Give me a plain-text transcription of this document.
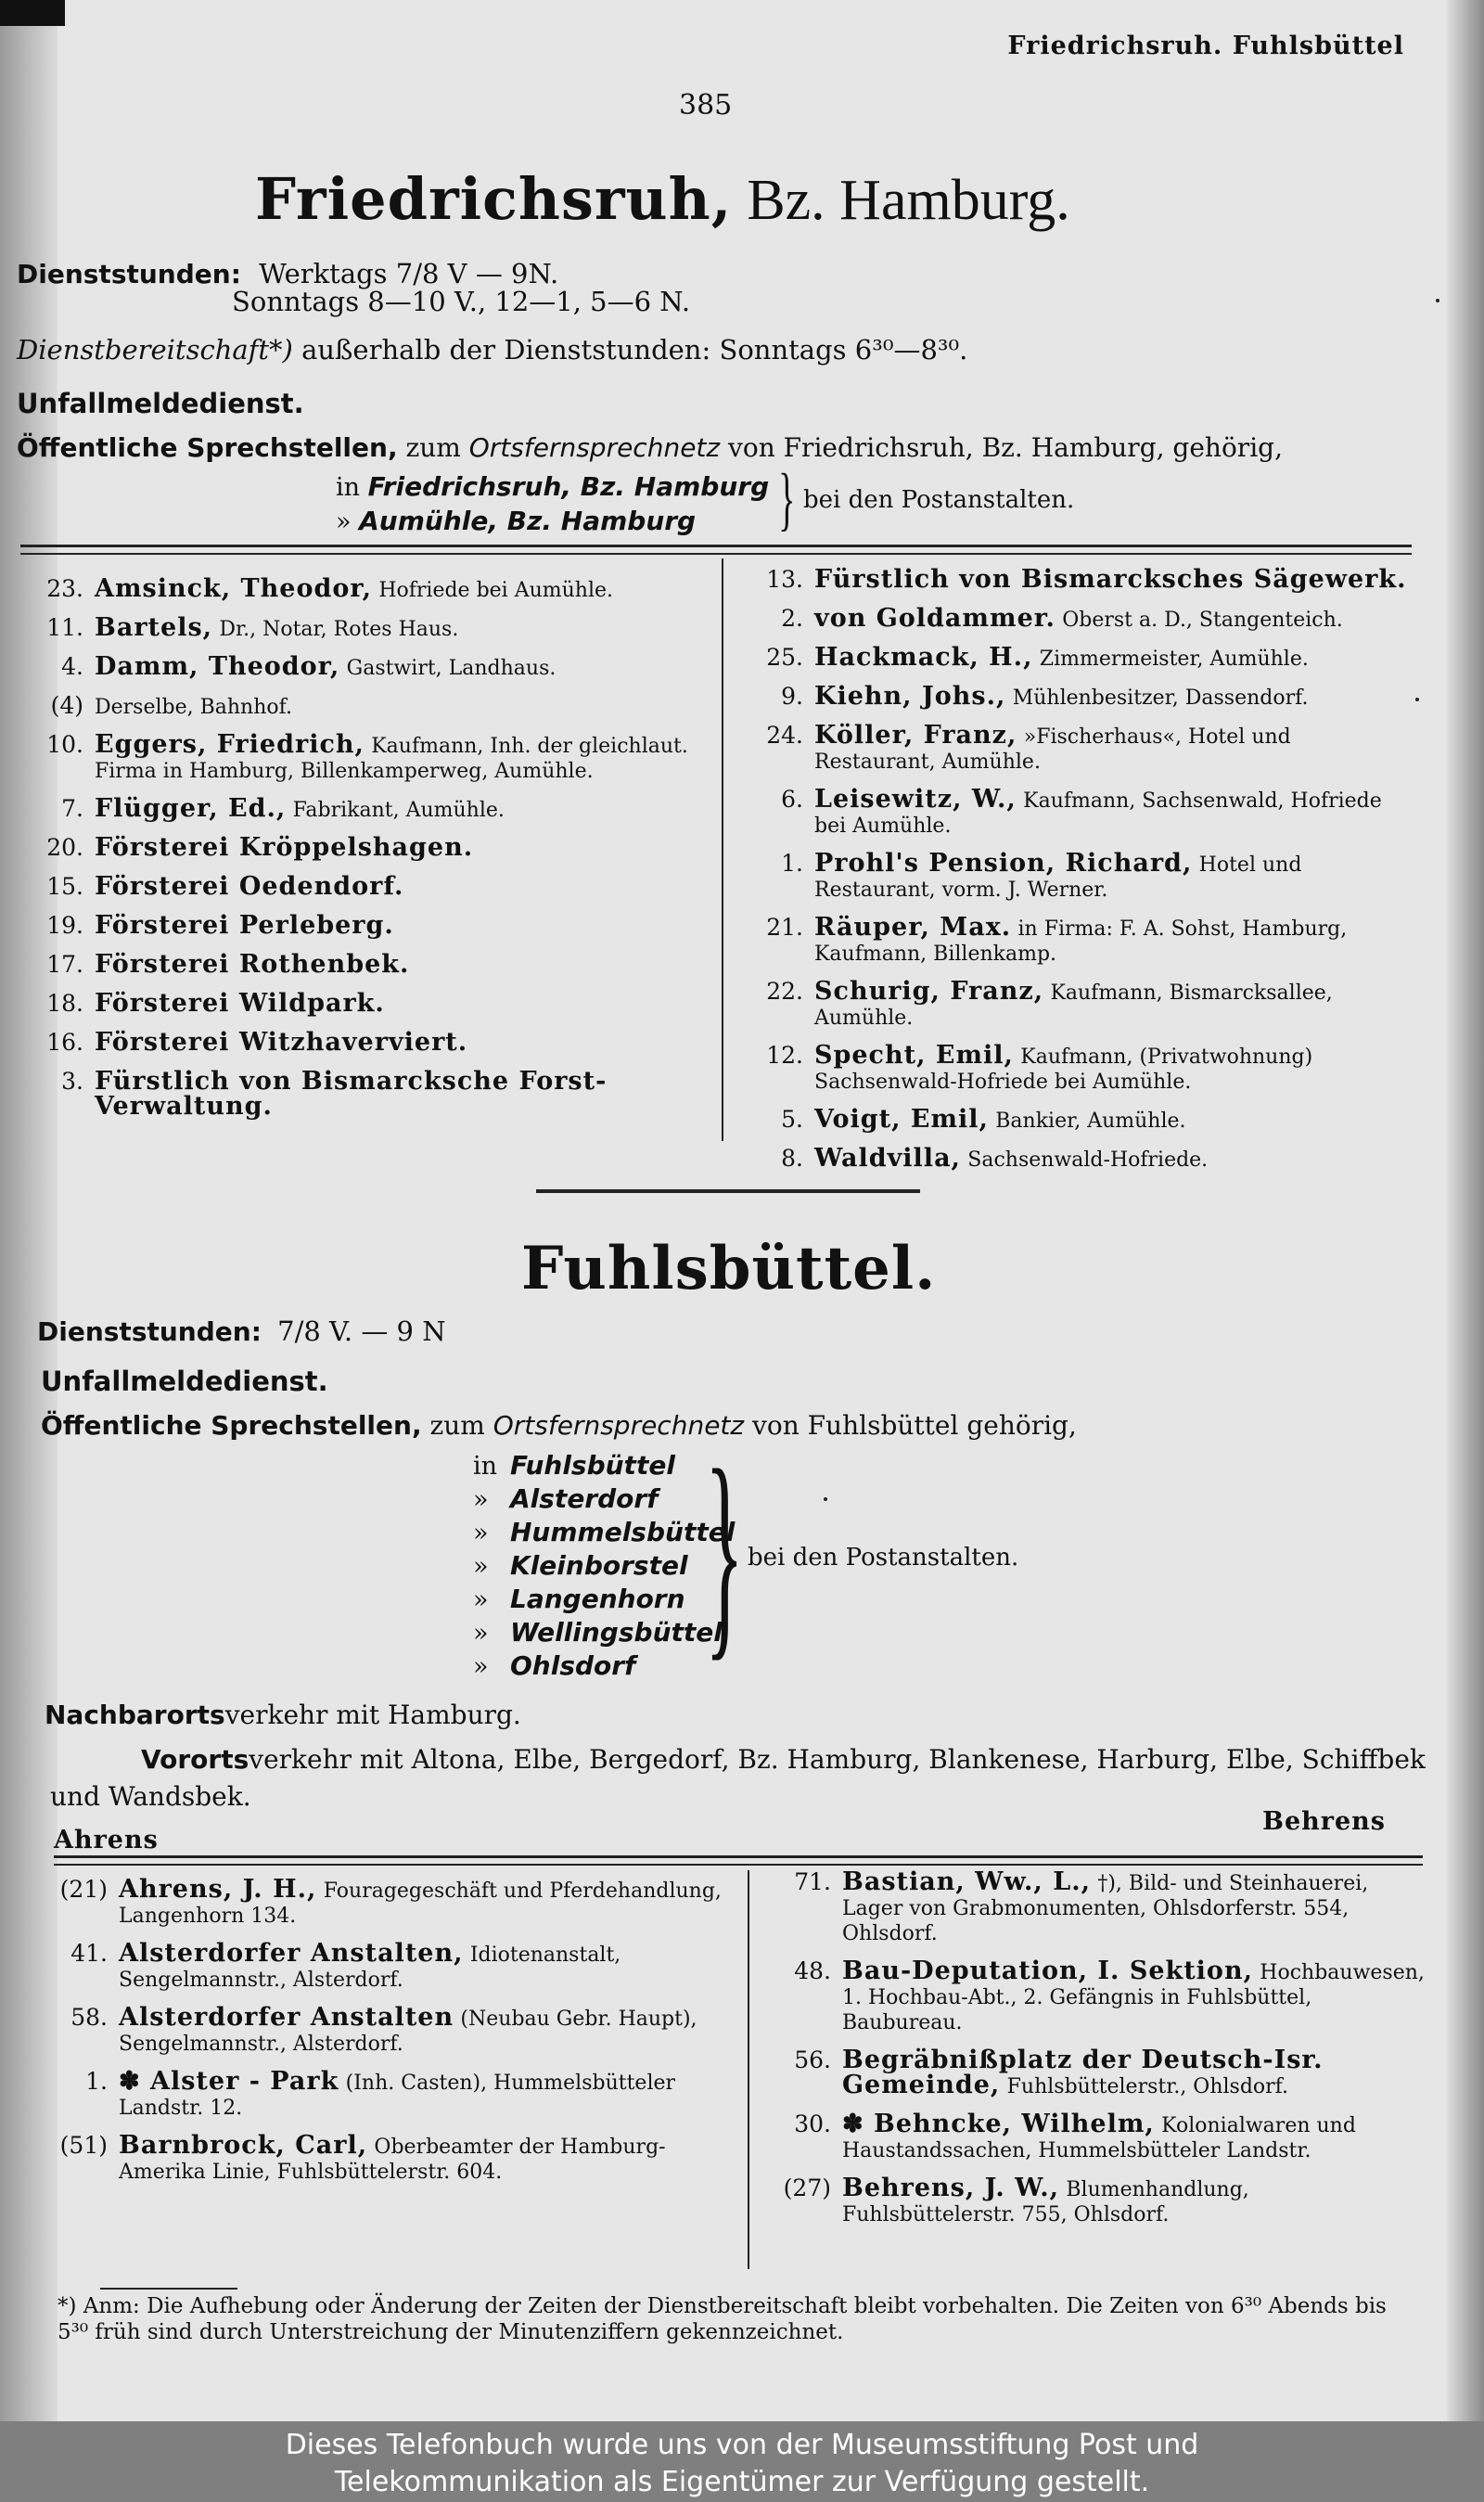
Friedrichsruh. Fuhlsbüttel
385
Friedrichsruh, Bz. Hamburg.
Dienststunden: Werktags 7/8 V — 9N.
Sonntags 8—10 V., 12—1, 5—6 N.
Dienstbereitschaft*) außerhalb der Dienststunden: Sonntags 6³⁰—8³⁰.
Unfallmeldedienst.
Öffentliche Sprechstellen, zum Ortsfernsprechnetz von Friedrichsruh, Bz. Hamburg, gehörig,
in Friedrichsruh, Bz. Hamburg
» Aumühle, Bz. Hamburg } bei den Postanstalten.
23. Amsinck, Theodor, Hofriede bei Aumühle.
11. Bartels, Dr., Notar, Rotes Haus.
4. Damm, Theodor, Gastwirt, Landhaus.
(4) Derselbe, Bahnhof.
10. Eggers, Friedrich, Kaufmann, Inh. der gleichlaut. Firma in Hamburg, Billenkamperweg, Aumühle.
7. Flügger, Ed., Fabrikant, Aumühle.
20. Försterei Kröppelshagen.
15. Försterei Oedendorf.
19. Försterei Perleberg.
17. Försterei Rothenbek.
18. Försterei Wildpark.
16. Försterei Witzhaverviert.
3. Fürstlich von Bismarcksche Forst-Verwaltung.
13. Fürstlich von Bismarcksches Sägewerk.
2. von Goldammer. Oberst a. D., Stangenteich.
25. Hackmack, H., Zimmermeister, Aumühle.
9. Kiehn, Johs., Mühlenbesitzer, Dassendorf.
24. Köller, Franz, »Fischerhaus«, Hotel und Restaurant, Aumühle.
6. Leisewitz, W., Kaufmann, Sachsenwald, Hofriede bei Aumühle.
1. Prohl's Pension, Richard, Hotel und Restaurant, vorm. J. Werner.
21. Räuper, Max. in Firma: F. A. Sohst, Hamburg, Kaufmann, Billenkamp.
22. Schurig, Franz, Kaufmann, Bismarcksallee, Aumühle.
12. Specht, Emil, Kaufmann, (Privatwohnung) Sachsenwald-Hofriede bei Aumühle.
5. Voigt, Emil, Bankier, Aumühle.
8. Waldvilla, Sachsenwald-Hofriede.
Fuhlsbüttel.
Dienststunden: 7/8 V. — 9 N
Unfallmeldedienst.
Öffentliche Sprechstellen, zum Ortsfernsprechnetz von Fuhlsbüttel gehörig,
in Fuhlsbüttel
» Alsterdorf
» Hummelsbüttel
» Kleinborstel
» Langenhorn
» Wellingsbüttel
» Ohlsdorf } bei den Postanstalten.
Nachbarortsverkehr mit Hamburg.
Vorortsverkehr mit Altona, Elbe, Bergedorf, Bz. Hamburg, Blankenese, Harburg, Elbe, Schiffbek
und Wandsbek.
Ahrens
Behrens
(21) Ahrens, J. H., Fouragegeschäft und Pferdehandlung, Langenhorn 134.
41. Alsterdorfer Anstalten, Idiotenanstalt, Sengelmannstr., Alsterdorf.
58. Alsterdorfer Anstalten (Neubau Gebr. Haupt), Sengelmannstr., Alsterdorf.
1. ✽ Alster - Park (Inh. Casten), Hummelsbütteler Landstr. 12.
(51) Barnbrock, Carl, Oberbeamter der Hamburg-Amerika Linie, Fuhlsbüttelerstr. 604.
71. Bastian, Ww., L., †), Bild- und Steinhauerei, Lager von Grabmonumenten, Ohlsdorferstr. 554, Ohlsdorf.
48. Bau-Deputation, I. Sektion, Hochbauwesen, 1. Hochbau-Abt., 2. Gefängnis in Fuhlsbüttel, Baubureau.
56. Begräbnißplatz der Deutsch-Isr. Gemeinde, Fuhlsbüttelerstr., Ohlsdorf.
30. ✽ Behncke, Wilhelm, Kolonialwaren und Haustandssachen, Hummelsbütteler Landstr.
(27) Behrens, J. W., Blumenhandlung, Fuhlsbüttelerstr. 755, Ohlsdorf.
*) Anm: Die Aufhebung oder Änderung der Zeiten der Dienstbereitschaft bleibt vorbehalten. Die Zeiten von 6³⁰ Abends bis 5³⁰ früh sind durch Unterstreichung der Minutenziffern gekennzeichnet.
Dieses Telefonbuch wurde uns von der Museumsstiftung Post und
Telekommunikation als Eigentümer zur Verfügung gestellt.
